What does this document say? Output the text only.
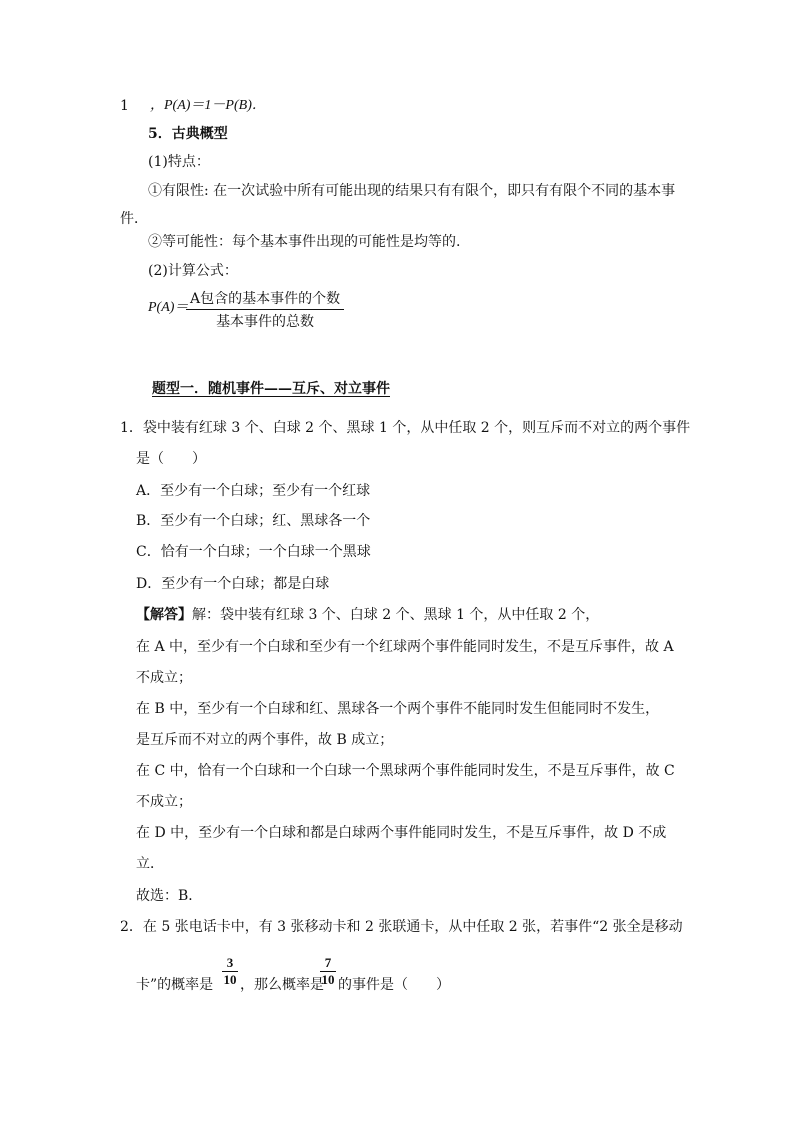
1 ，P(A)＝1－P(B)．
5．古典概型
(1)特点：
①有限性: 在一次试验中所有可能出现的结果只有有限个，即只有有限个不同的基本事
件．
②等可能性：每个基本事件出现的可能性是均等的.
(2)计算公式：
P(A)＝
A包含的基本事件的个数
基本事件的总数
题型一．随机事件——互斥、对立事件
1．袋中装有红球 3 个、白球 2 个、黑球 1 个，从中任取 2 个，则互斥而不对立的两个事件
是（　　）
A．至少有一个白球；至少有一个红球
B．至少有一个白球；红、黑球各一个
C．恰有一个白球；一个白球一个黑球
D．至少有一个白球；都是白球
【解答】解：袋中装有红球 3 个、白球 2 个、黑球 1 个，从中任取 2 个，
在 A 中，至少有一个白球和至少有一个红球两个事件能同时发生，不是互斥事件，故 A
不成立；
在 B 中，至少有一个白球和红、黑球各一个两个事件不能同时发生但能同时不发生，
是互斥而不对立的两个事件，故 B 成立；
在 C 中，恰有一个白球和一个白球一个黑球两个事件能同时发生，不是互斥事件，故 C
不成立；
在 D 中，至少有一个白球和都是白球两个事件能同时发生，不是互斥事件，故 D 不成
立．
故选：B．
2．在 5 张电话卡中，有 3 张移动卡和 2 张联通卡，从中任取 2 张，若事件“2 张全是移动
卡”的概率是
3
10 ，那么概率是
7
10 的事件是（　　）
